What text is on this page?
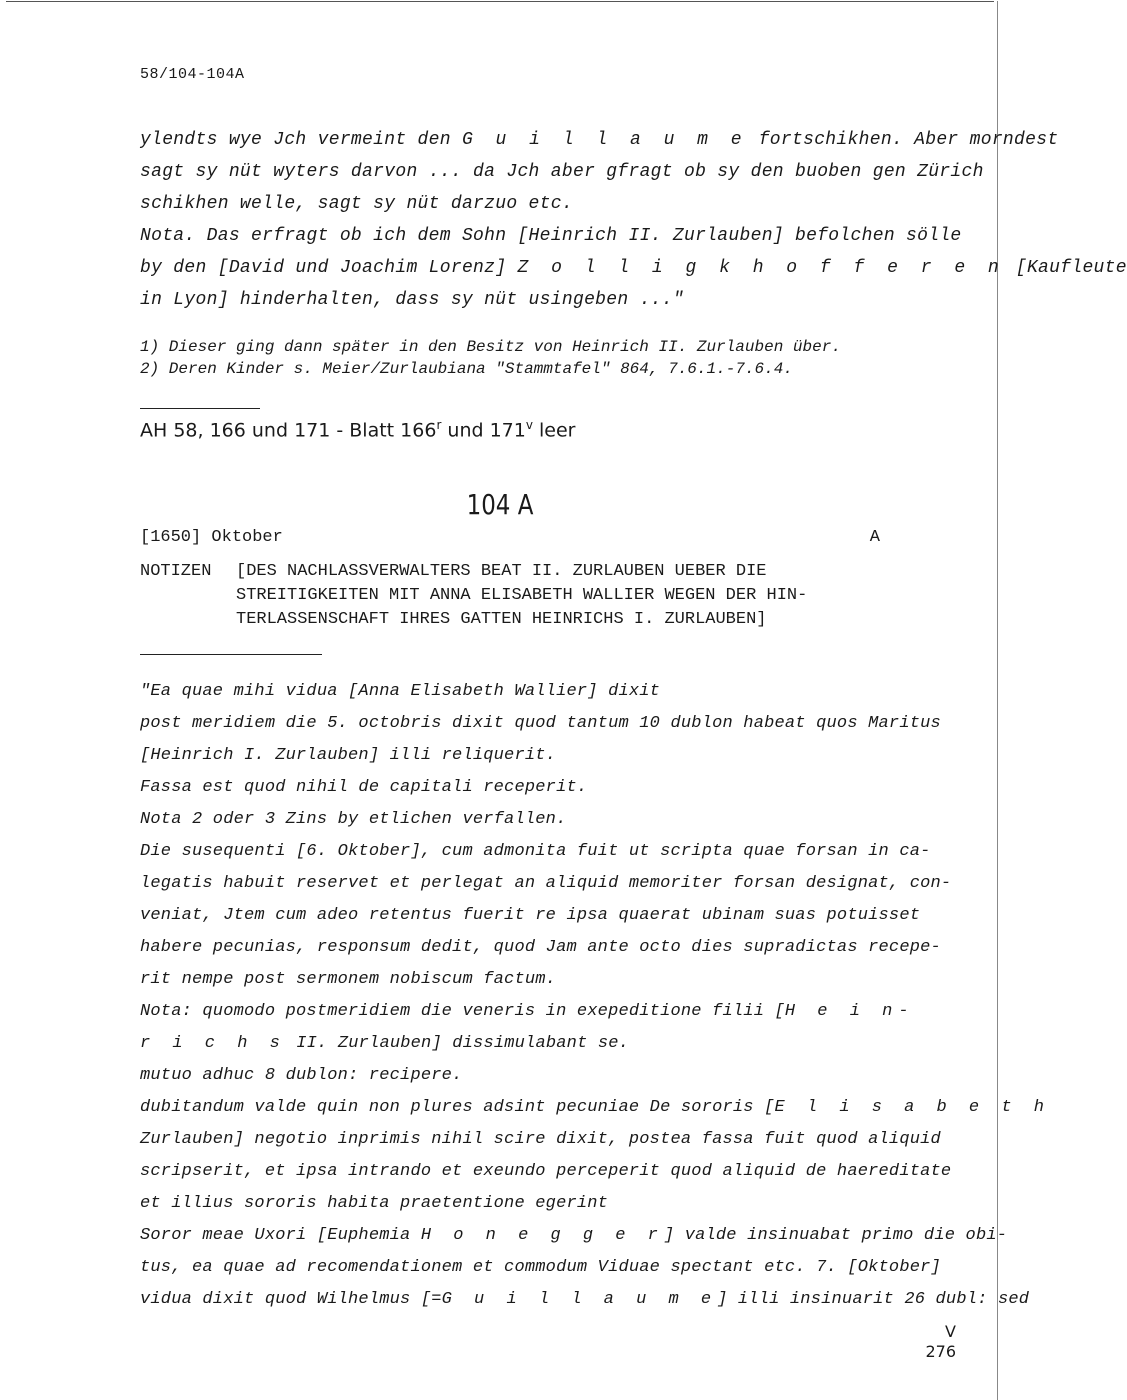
58/104-104A
ylendts wye Jch vermeint den G u i l l a u m e fortschikhen. Aber morndest
sagt sy nüt wyters darvon ... da Jch aber gfragt ob sy den buoben gen Zürich
schikhen welle, sagt sy nüt darzuo etc.
Nota. Das erfragt ob ich dem Sohn [Heinrich II. Zurlauben] befolchen sölle
by den [David und Joachim Lorenz] Z o l l i g k h o f f e r e n [Kaufleute
in Lyon] hinderhalten, dass sy nüt usingeben ..."
1) Dieser ging dann später in den Besitz von Heinrich II. Zurlauben über.
2) Deren Kinder s. Meier/Zurlaubiana "Stammtafel" 864, 7.6.1.-7.6.4.
AH 58, 166 und 171 - Blatt 166$^r$ und 171$^v$ leer
104 A
[1650] Oktober	A
NOTIZEN [DES NACHLASSVERWALTERS BEAT II. ZURLAUBEN UEBER DIE
STREITIGKEITEN MIT ANNA ELISABETH WALLIER WEGEN DER HIN-
TERLASSENSCHAFT IHRES GATTEN HEINRICHS I. ZURLAUBEN]
"Ea quae mihi vidua [Anna Elisabeth Wallier] dixit
post meridiem die 5. octobris dixit quod tantum 10 dublon habeat quos Maritus
[Heinrich I. Zurlauben] illi reliquerit.
Fassa est quod nihil de capitali receperit.
Nota 2 oder 3 Zins by etlichen verfallen.
Die susequenti [6. Oktober], cum admonita fuit ut scripta quae forsan in ca-
legatis habuit reservet et perlegat an aliquid memoriter forsan designat, con-
veniat, Jtem cum adeo retentus fuerit re ipsa quaerat ubinam suas potuisset
habere pecunias, responsum dedit, quod Jam ante octo dies supradictas recepe-
rit nempe post sermonem nobiscum factum.
Nota: quomodo postmeridiem die veneris in exepeditione filii [H e i n-
r i c h s II. Zurlauben] dissimulabant se.
mutuo adhuc 8 dublon: recipere.
dubitandum valde quin non plures adsint pecuniae De sororis [E l i s a b e t h
Zurlauben] negotio inprimis nihil scire dixit, postea fassa fuit quod aliquid
scripserit, et ipsa intrando et exeundo perceperit quod aliquid de haereditate
et illius sororis habita praetentione egerint
Soror meae Uxori [Euphemia H o n e g g e r] valde insinuabat primo die obi-
tus, ea quae ad recomendationem et commodum Viduae spectant etc. 7. [Oktober]
vidua dixit quod Wilhelmus [=G u i l l a u m e] illi insinuarit 26 dubl: sed
V
276
